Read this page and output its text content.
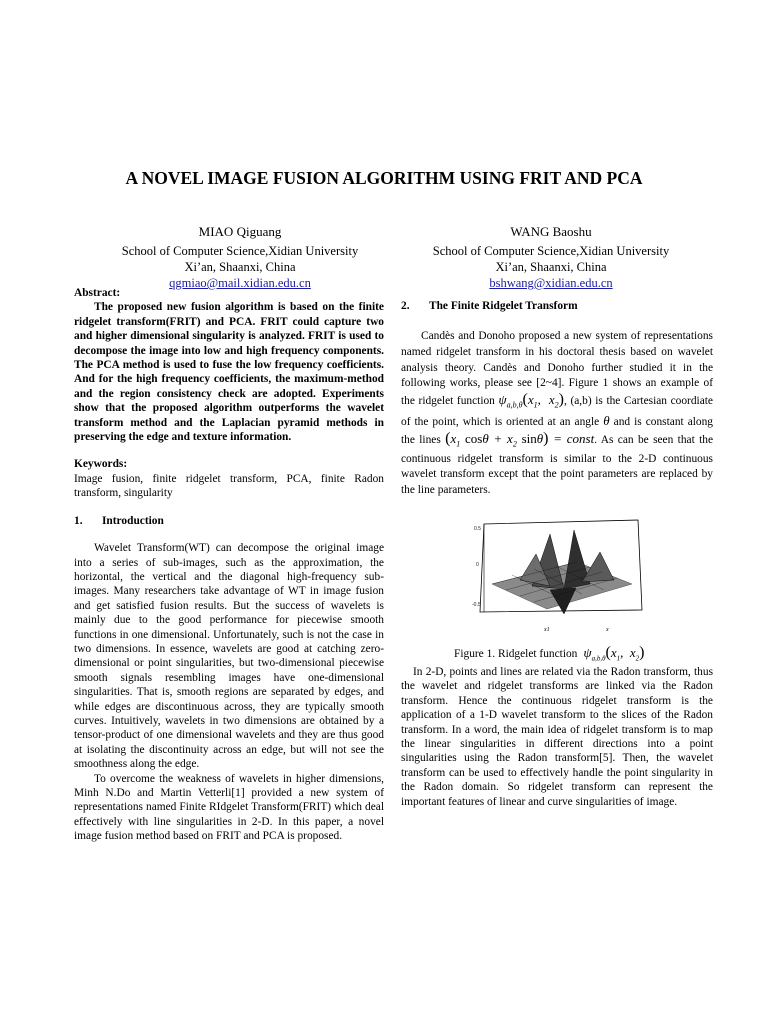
A NOVEL IMAGE FUSION ALGORITHM USING FRIT AND PCA
MIAO Qiguang
School of Computer Science,Xidian University
Xi’an, Shaanxi, China
qgmiao@mail.xidian.edu.cn
WANG Baoshu
School of Computer Science,Xidian University
Xi’an, Shaanxi, China
bshwang@xidian.edu.cn
Abstract:

The proposed new fusion algorithm is based on the finite ridgelet transform(FRIT) and PCA. FRIT could capture two and higher dimensional singularity is analyzed. FRIT is used to decompose the image into low and high frequency components. The PCA method is used to fuse the low frequency coefficients. And for the high frequency coefficients, the maximum-method and the region consistency check are adopted. Experiments show that the proposed algorithm outperforms the wavelet transform method and the Laplacian pyramid methods in preserving the edge and texture information.

Keywords:
Image fusion, finite ridgelet transform, PCA, finite Radon transform, singularity
1.	Introduction

Wavelet Transform(WT) can decompose the original image into a series of sub-images, such as the approximation, the horizontal, the vertical and the diagonal high-frequency sub-images. Many researchers take advantage of WT in image fusion and get satisfied fusion results. But the success of wavelets is mainly due to the good performance for piecewise smooth functions in one dimensional. Unfortunately, such is not the case in two dimensions. In essence, wavelets are good at catching zero-dimensional or point singularities, but two-dimensional piecewise smooth signals resembling images have one-dimensional singularities. That is, smooth regions are separated by edges, and while edges are discontinuous across, they are typically smooth curves. Intuitively, wavelets in two dimensions are obtained by a tensor-product of one dimensional wavelets and they are thus good at isolating the discontinuity across an edge, but will not see the smoothness along the edge.

To overcome the weakness of wavelets in higher dimensions, Minh N.Do and Martin Vetterli[1] provided a new system of representations named Finite RIdgelet Transform(FRIT) which deal effectively with line singularities in 2-D. In this paper, a novel image fusion method based on FRIT and PCA is proposed.

2.	The Finite Ridgelet Transform

Candès and Donoho proposed a new system of representations named ridgelet transform in his doctoral thesis based on wavelet analysis theory. Candès and Donoho further studied it in the following works, please see [2~4]. Figure 1 shows an example of the ridgelet function $\psi_{a,b,\theta}(x_1$,  $x_2$), (a,b) is the Cartesian coordiate of the point, which is oriented at an angle θ and is constant along the lines ($x_1$ $\cos\theta + x_2$ sinθ) = const. As can be seen that the continuous ridgelet transform is similar to the 2-D continuous wavelet transform except that the point parameters are replaced by the line parameters.

0.5
0
-0.5
x1	x
Figure 1. Ridgelet function  $\psi_{a,b,\theta}(x_1$,  $x_2$)

In 2-D, points and lines are related via the Radon transform, thus the wavelet and ridgelet transforms are linked via the Radon transform. Hence the continuous ridgelet transform is the application of a 1-D wavelet transform to the slices of the Radon transform. In a word, the main idea of ridgelet transform is to map the linear singularities in different directions into a point singularities using the Radon transform[5]. Then, the wavelet transform can be used to effectively handle the point singularity in the Radon domain. So ridgelet transform can represent the important features of linear and curve singularities of image.
